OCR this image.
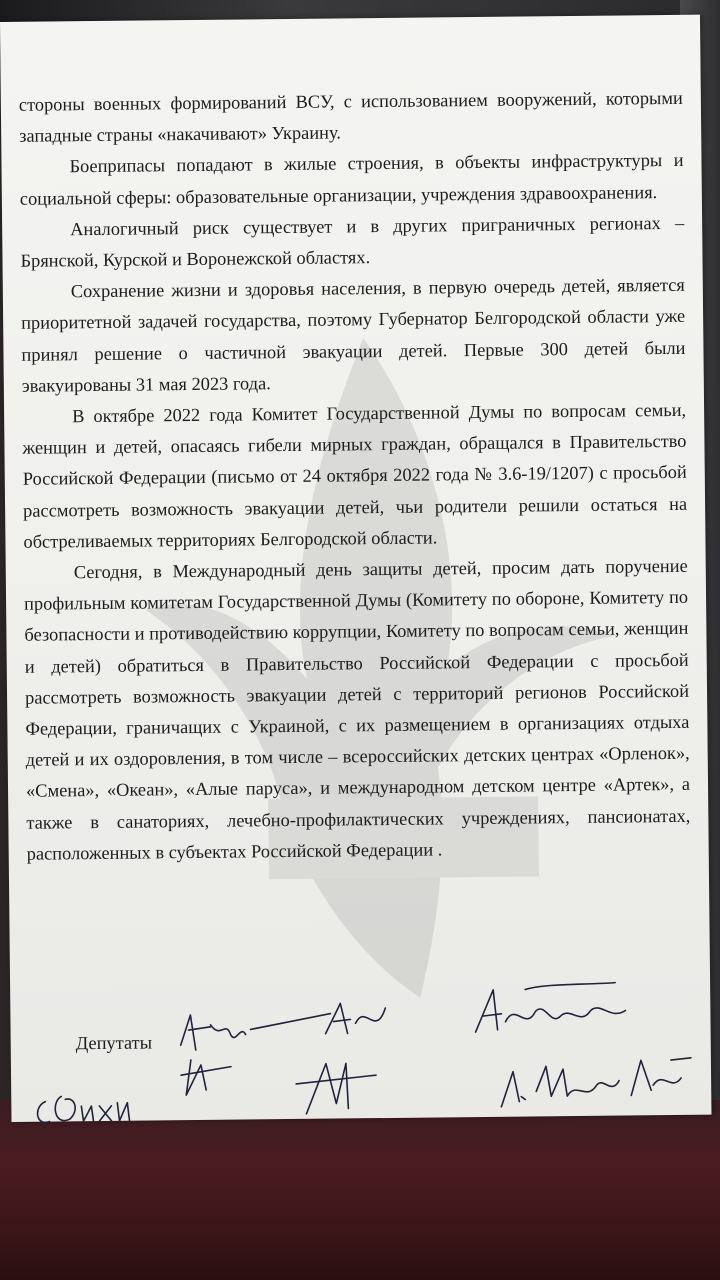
стороны военных формирований ВСУ, с использованием вооружений, которыми западные страны «накачивают» Украину.

Боеприпасы попадают в жилые строения, в объекты инфраструктуры и социальной сферы: образовательные организации, учреждения здравоохранения.

Аналогичный риск существует и в других приграничных регионах – Брянской, Курской и Воронежской областях.

Сохранение жизни и здоровья населения, в первую очередь детей, является приоритетной задачей государства, поэтому Губернатор Белгородской области уже принял решение о частичной эвакуации детей. Первые 300 детей были эвакуированы 31 мая 2023 года.

В октябре 2022 года Комитет Государственной Думы по вопросам семьи, женщин и детей, опасаясь гибели мирных граждан, обращался в Правительство Российской Федерации (письмо от 24 октября 2022 года № 3.6-19/1207) с просьбой рассмотреть возможность эвакуации детей, чьи родители решили остаться на обстреливаемых территориях Белгородской области.

Сегодня, в Международный день защиты детей, просим дать поручение профильным комитетам Государственной Думы (Комитету по обороне, Комитету по безопасности и противодействию коррупции, Комитету по вопросам семьи, женщин и детей) обратиться в Правительство Российской Федерации с просьбой рассмотреть возможность эвакуации детей с территорий регионов Российской Федерации, граничащих с Украиной, с их размещением в организациях отдыха детей и их оздоровления, в том числе – всероссийских детских центрах «Орленок», «Смена», «Океан», «Алые паруса», и международном детском центре «Артек», а также в санаториях, лечебно-профилактических учреждениях, пансионатах, расположенных в субъектах Российской Федерации .

Депутаты
